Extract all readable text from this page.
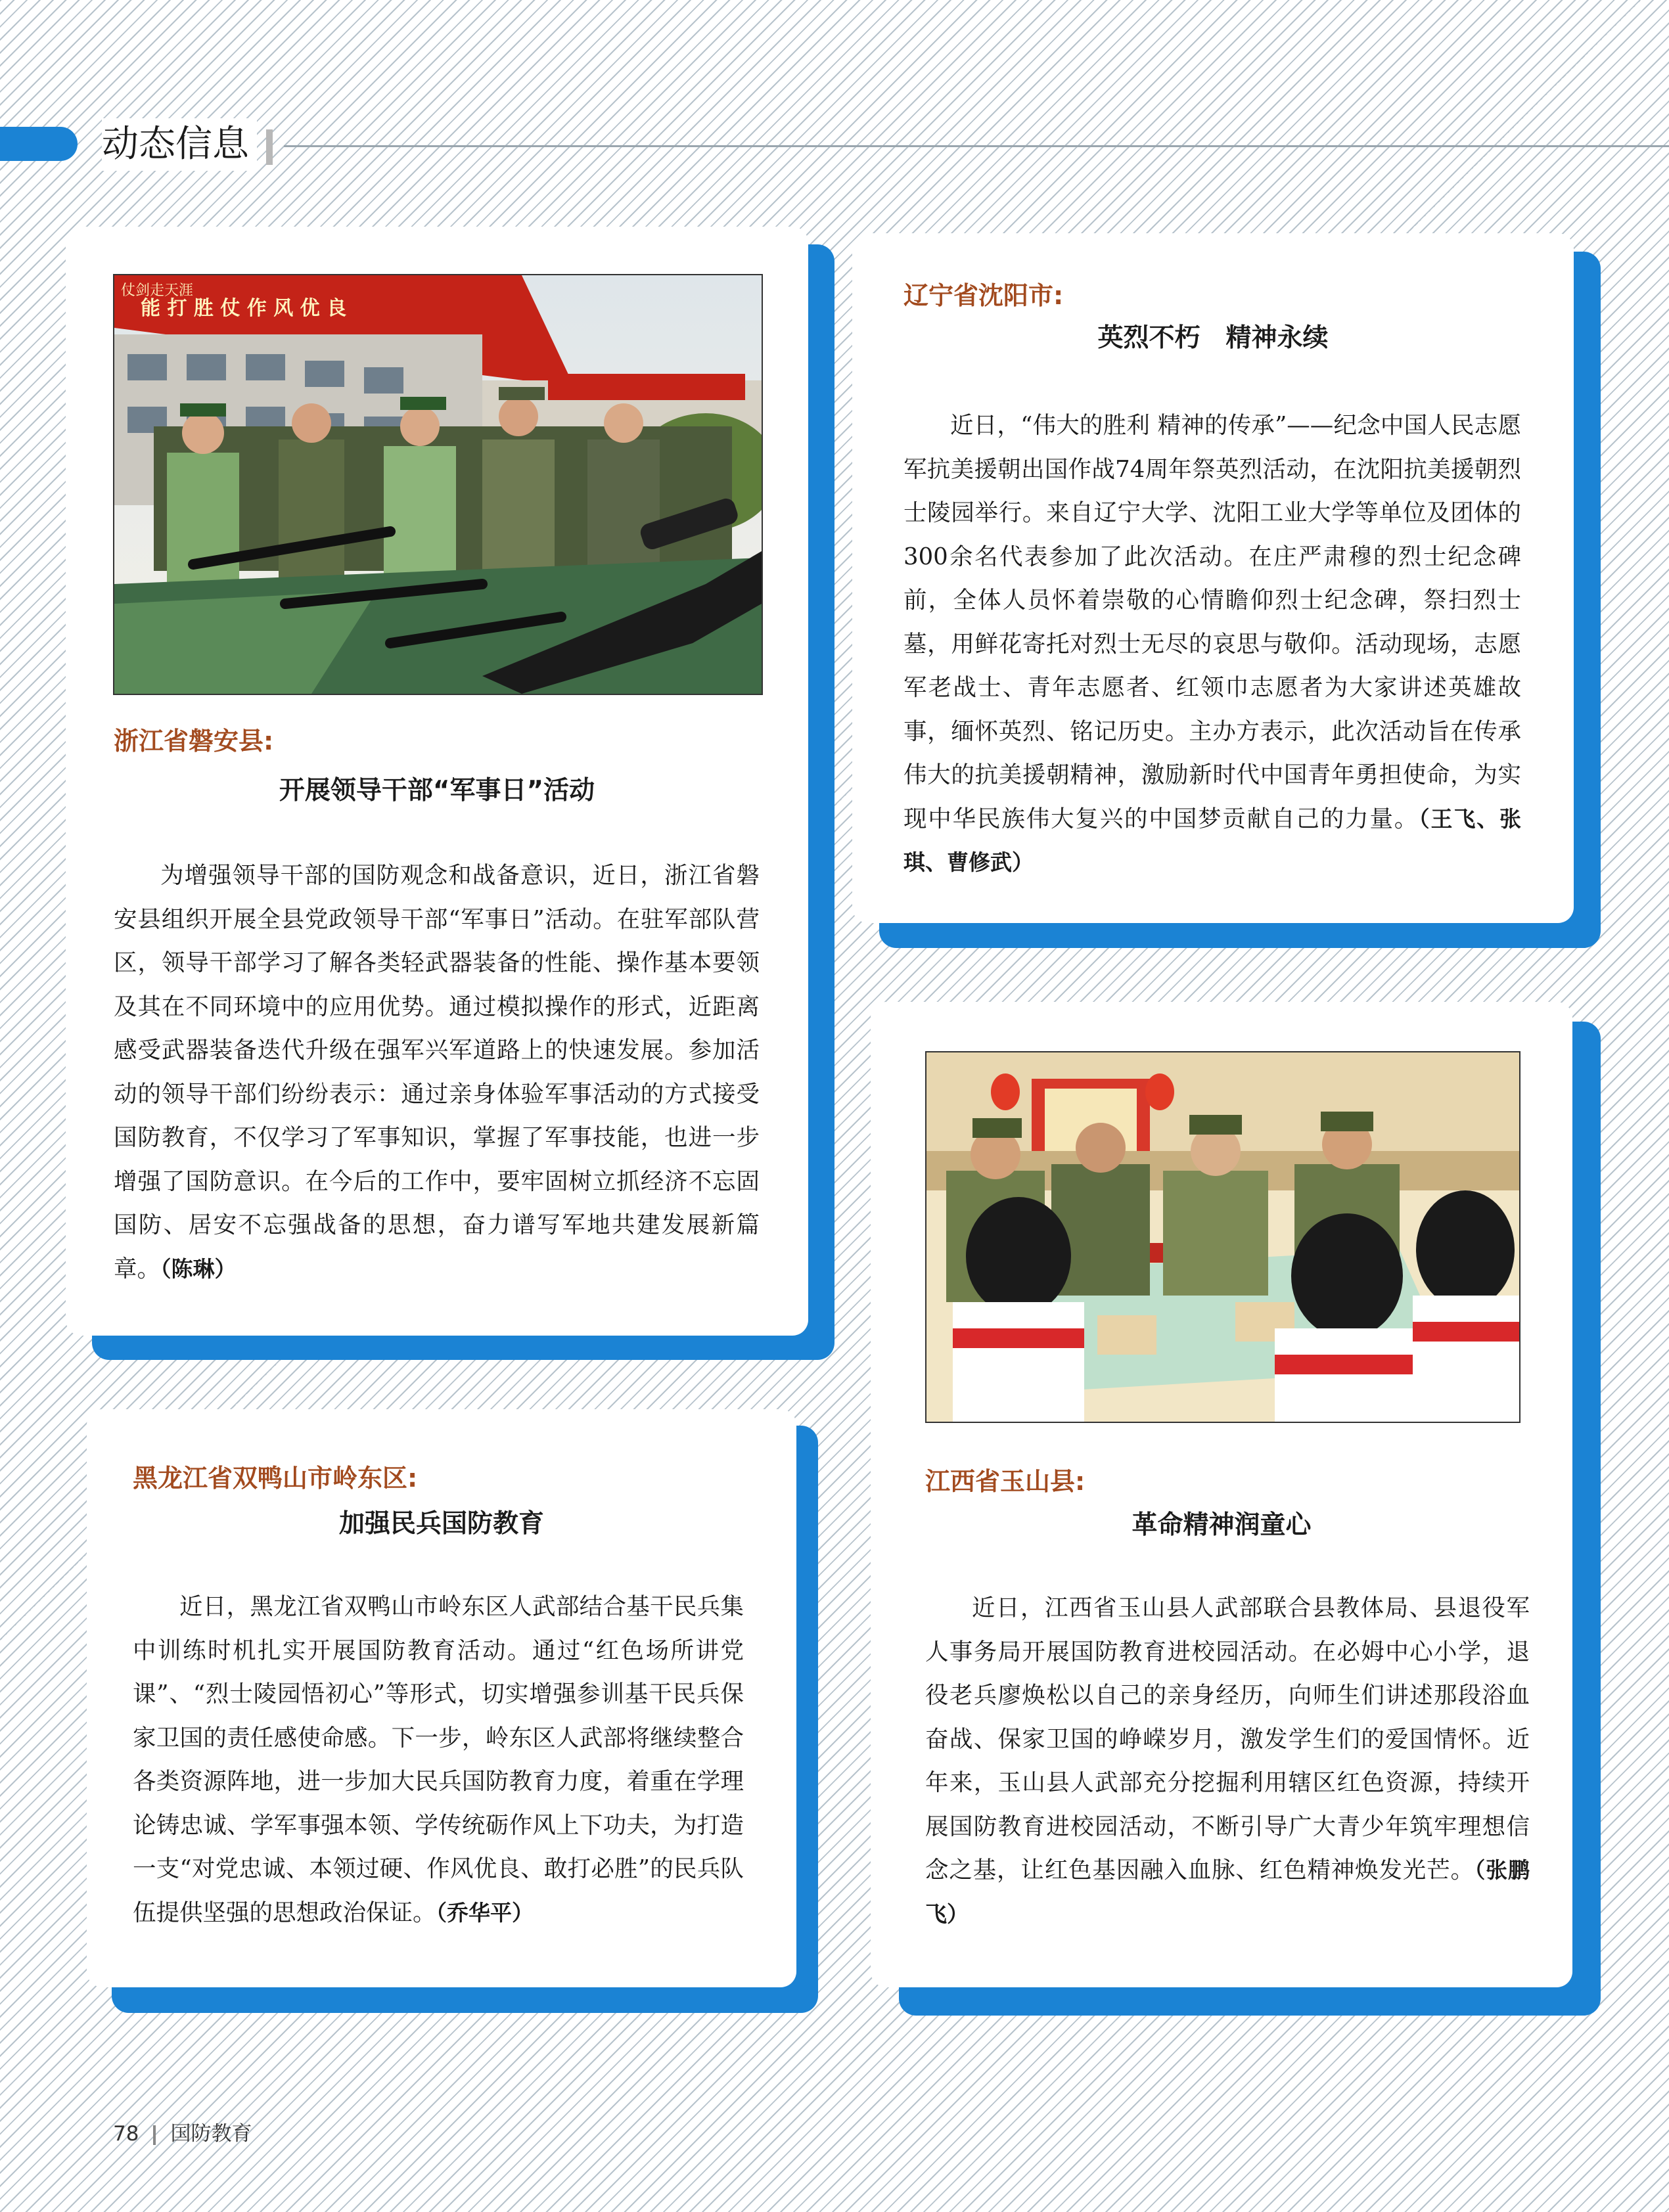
动态信息
能 打 胜 仗 作 风 优 良
仗剑走天涯
浙江省磐安县:
开展领导干部“军事日”活动

为增强领导干部的国防观念和战备意识，近日，浙江省磐安县组织开展全县党政领导干部“军事日”活动。在驻军部队营区，领导干部学习了解各类轻武器装备的性能、操作基本要领及其在不同环境中的应用优势。通过模拟操作的形式，近距离感受武器装备迭代升级在强军兴军道路上的快速发展。参加活动的领导干部们纷纷表示：通过亲身体验军事活动的方式接受国防教育，不仅学习了军事知识，掌握了军事技能，也进一步增强了国防意识。在今后的工作中，要牢固树立抓经济不忘固国防、居安不忘强战备的思想，奋力谱写军地共建发展新篇章。（陈琳）

辽宁省沈阳市:
英烈不朽　精神永续

近日，“伟大的胜利 精神的传承”——纪念中国人民志愿军抗美援朝出国作战74周年祭英烈活动，在沈阳抗美援朝烈士陵园举行。来自辽宁大学、沈阳工业大学等单位及团体的300余名代表参加了此次活动。在庄严肃穆的烈士纪念碑前，全体人员怀着崇敬的心情瞻仰烈士纪念碑，祭扫烈士墓，用鲜花寄托对烈士无尽的哀思与敬仰。活动现场，志愿军老战士、青年志愿者、红领巾志愿者为大家讲述英雄故事，缅怀英烈、铭记历史。主办方表示，此次活动旨在传承伟大的抗美援朝精神，激励新时代中国青年勇担使命，为实现中华民族伟大复兴的中国梦贡献自己的力量。（王飞、张琪、曹修武）

黑龙江省双鸭山市岭东区:
加强民兵国防教育

近日，黑龙江省双鸭山市岭东区人武部结合基干民兵集中训练时机扎实开展国防教育活动。通过“红色场所讲党课”、“烈士陵园悟初心”等形式，切实增强参训基干民兵保家卫国的责任感使命感。下一步，岭东区人武部将继续整合各类资源阵地，进一步加大民兵国防教育力度，着重在学理论铸忠诚、学军事强本领、学传统砺作风上下功夫，为打造一支“对党忠诚、本领过硬、作风优良、敢打必胜”的民兵队伍提供坚强的思想政治保证。（乔华平）

江西省玉山县:
革命精神润童心

近日，江西省玉山县人武部联合县教体局、县退役军人事务局开展国防教育进校园活动。在必姆中心小学，退役老兵廖焕松以自己的亲身经历，向师生们讲述那段浴血奋战、保家卫国的峥嵘岁月，激发学生们的爱国情怀。近年来，玉山县人武部充分挖掘利用辖区红色资源，持续开展国防教育进校园活动，不断引导广大青少年筑牢理想信念之基，让红色基因融入血脉、红色精神焕发光芒。（张鹏飞）

78 国防教育
